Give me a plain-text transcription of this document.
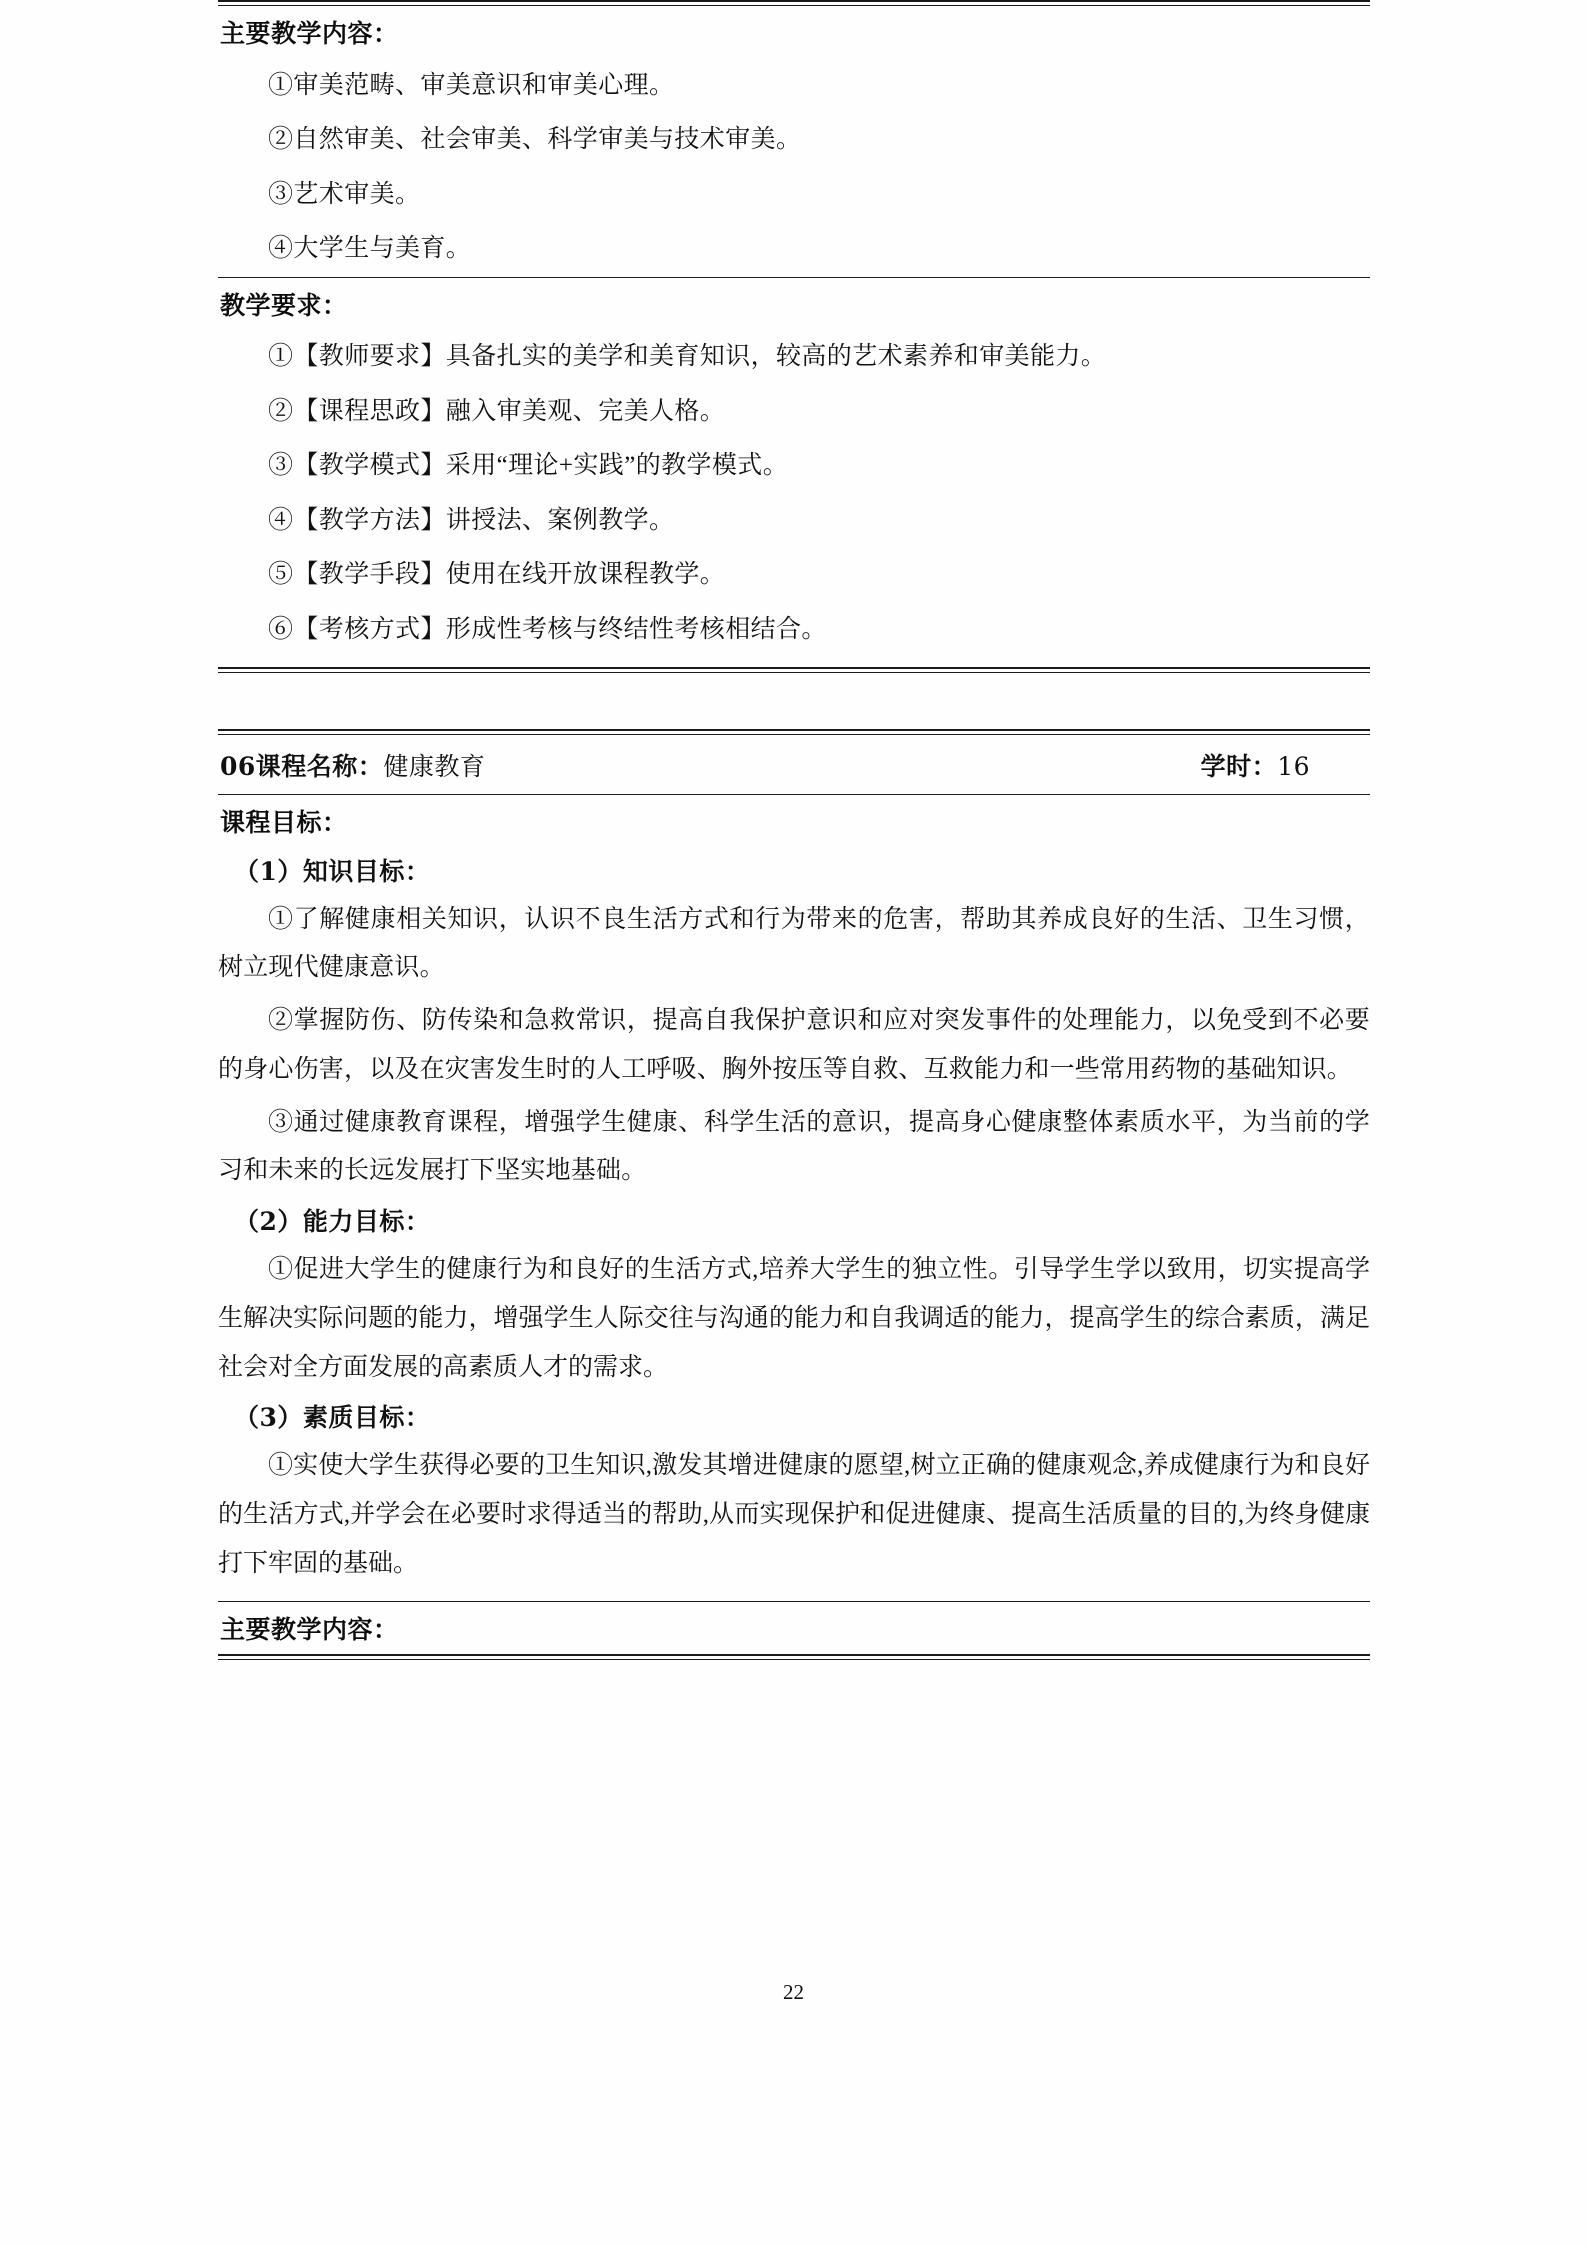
主要教学内容：
①审美范畴、审美意识和审美心理。
②自然审美、社会审美、科学审美与技术审美。
③艺术审美。
④大学生与美育。
教学要求：
①【教师要求】具备扎实的美学和美育知识，较高的艺术素养和审美能力。
②【课程思政】融入审美观、完美人格。
③【教学模式】采用“理论+实践”的教学模式。
④【教学方法】讲授法、案例教学。
⑤【教学手段】使用在线开放课程教学。
⑥【考核方式】形成性考核与终结性考核相结合。
06课程名称：健康教育	学时：16
课程目标：
（1）知识目标：

①了解健康相关知识，认识不良生活方式和行为带来的危害，帮助其养成良好的生活、卫生习惯，树立现代健康意识。

②掌握防伤、防传染和急救常识，提高自我保护意识和应对突发事件的处理能力，以免受到不必要的身心伤害，以及在灾害发生时的人工呼吸、胸外按压等自救、互救能力和一些常用药物的基础知识。

③通过健康教育课程，增强学生健康、科学生活的意识，提高身心健康整体素质水平，为当前的学习和未来的长远发展打下坚实地基础。

（2）能力目标：

①促进大学生的健康行为和良好的生活方式,培养大学生的独立性。引导学生学以致用，切实提高学生解决实际问题的能力，增强学生人际交往与沟通的能力和自我调适的能力，提高学生的综合素质，满足社会对全方面发展的高素质人才的需求。

（3）素质目标：

①实使大学生获得必要的卫生知识,激发其增进健康的愿望,树立正确的健康观念,养成健康行为和良好的生活方式,并学会在必要时求得适当的帮助,从而实现保护和促进健康、提高生活质量的目的,为终身健康打下牢固的基础。

主要教学内容：
22
